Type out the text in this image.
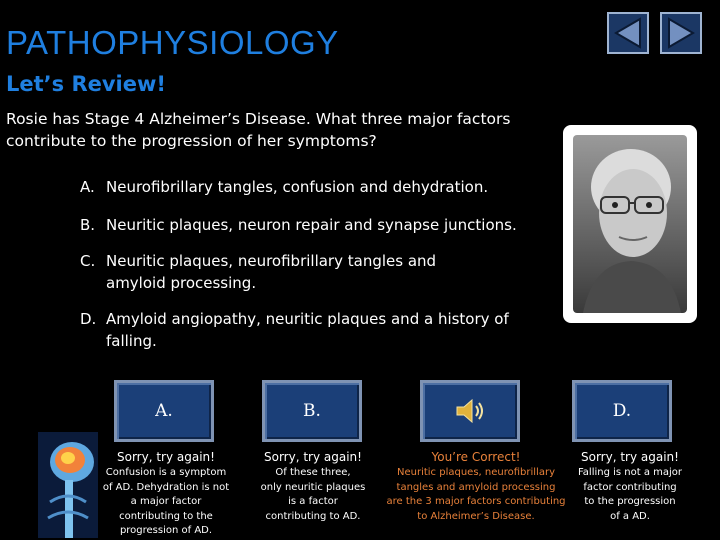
PATHOPHYSIOLOGY
Let’s Review!
Rosie has Stage 4 Alzheimer’s Disease. What three major factors contribute to the progression of her symptoms?
A. Neurofibrillary tangles, confusion and dehydration.
B. Neuritic plaques, neuron repair and synapse junctions.
C. Neuritic plaques, neurofibrillary tangles and
amyloid processing.
D. Amyloid angiopathy, neuritic plaques and a history of
falling.
A.	B.	D.
Sorry, try again!
Confusion is a symptom
of AD. Dehydration is not
a major factor
contributing to the
progression of AD.
Sorry, try again!
Of these three,
only neuritic plaques
is a factor
contributing to AD.
You’re Correct!
Neuritic plaques, neurofibrillary
tangles and amyloid processing
are the 3 major factors contributing
to Alzheimer’s Disease.
Sorry, try again!
Falling is not a major
factor contributing
to the progression
of a AD.
